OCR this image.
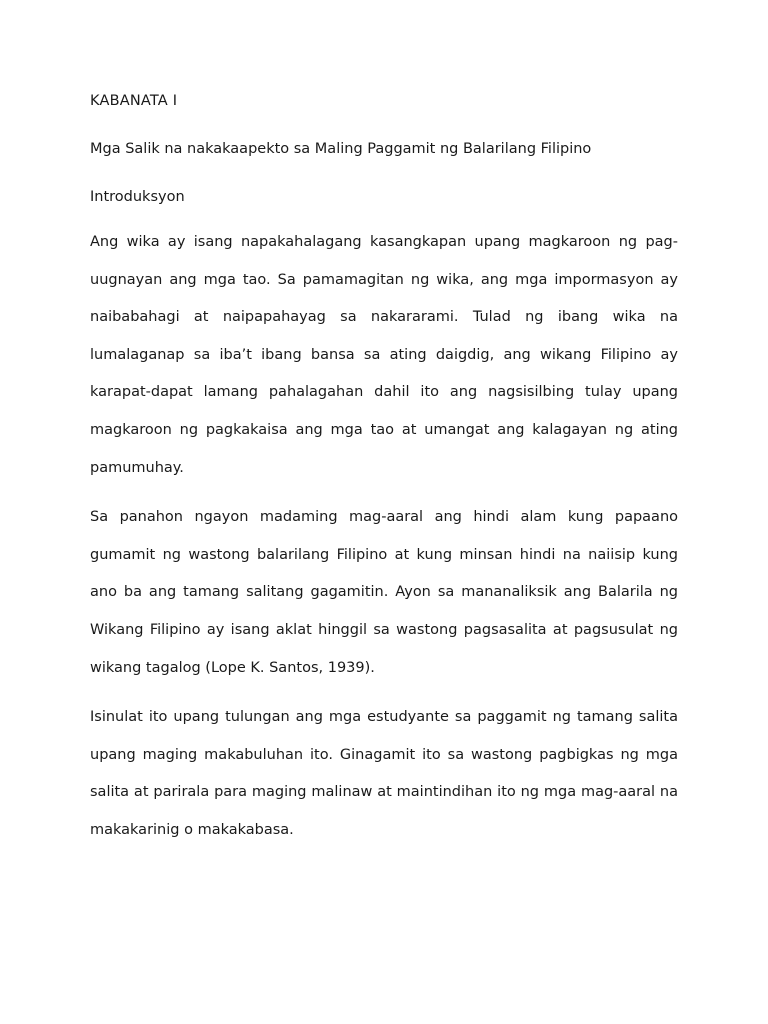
KABANATA I
Mga Salik na nakakaapekto sa Maling Paggamit ng Balarilang Filipino
Introduksyon

Ang wika ay isang napakahalagang kasangkapan upang magkaroon ng pag-uugnayan ang mga tao. Sa pamamagitan ng wika, ang mga impormasyon ay naibabahagi at naipapahayag sa nakararami. Tulad ng ibang wika na lumalaganap sa iba’t ibang bansa sa ating daigdig, ang wikang Filipino ay karapat-dapat lamang pahalagahan dahil ito ang nagsisilbing tulay upang magkaroon ng pagkakaisa ang mga tao at umangat ang kalagayan ng ating pamumuhay.

Sa panahon ngayon madaming mag-aaral ang hindi alam kung papaano gumamit ng wastong balarilang Filipino at kung minsan hindi na naiisip kung ano ba ang tamang salitang gagamitin. Ayon sa mananaliksik ang Balarila ng Wikang Filipino ay isang aklat hinggil sa wastong pagsasalita at pagsusulat ng wikang tagalog (Lope K. Santos, 1939).

Isinulat ito upang tulungan ang mga estudyante sa paggamit ng tamang salita upang maging makabuluhan ito. Ginagamit ito sa wastong pagbigkas ng mga salita at parirala para maging malinaw at maintindihan ito ng mga mag-aaral na makakarinig o makakabasa.
